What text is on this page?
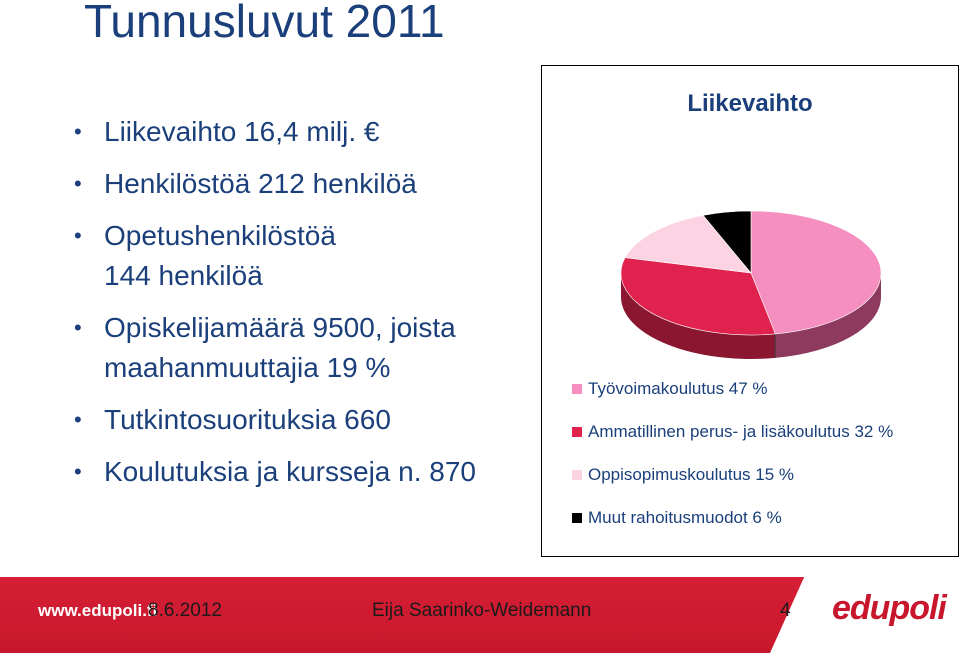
Tunnusluvut 2011
• Liikevaihto 16,4 milj. €
• Henkilöstöä 212 henkilöä
• Opetushenkilöstöä
144 henkilöä
• Opiskelijamäärä 9500, joista
maahanmuuttajia 19 %
• Tutkintosuorituksia 660
• Koulutuksia ja kursseja n. 870
Liikevaihto
Työvoimakoulutus 47 %
Ammatillinen perus- ja lisäkoulutus 32 %
Oppisopimuskoulutus 15 %
Muut rahoitusmuodot 6 %
www.edupoli.fi
8.6.2012	Eija Saarinko-Weidemann	4 edupoli
